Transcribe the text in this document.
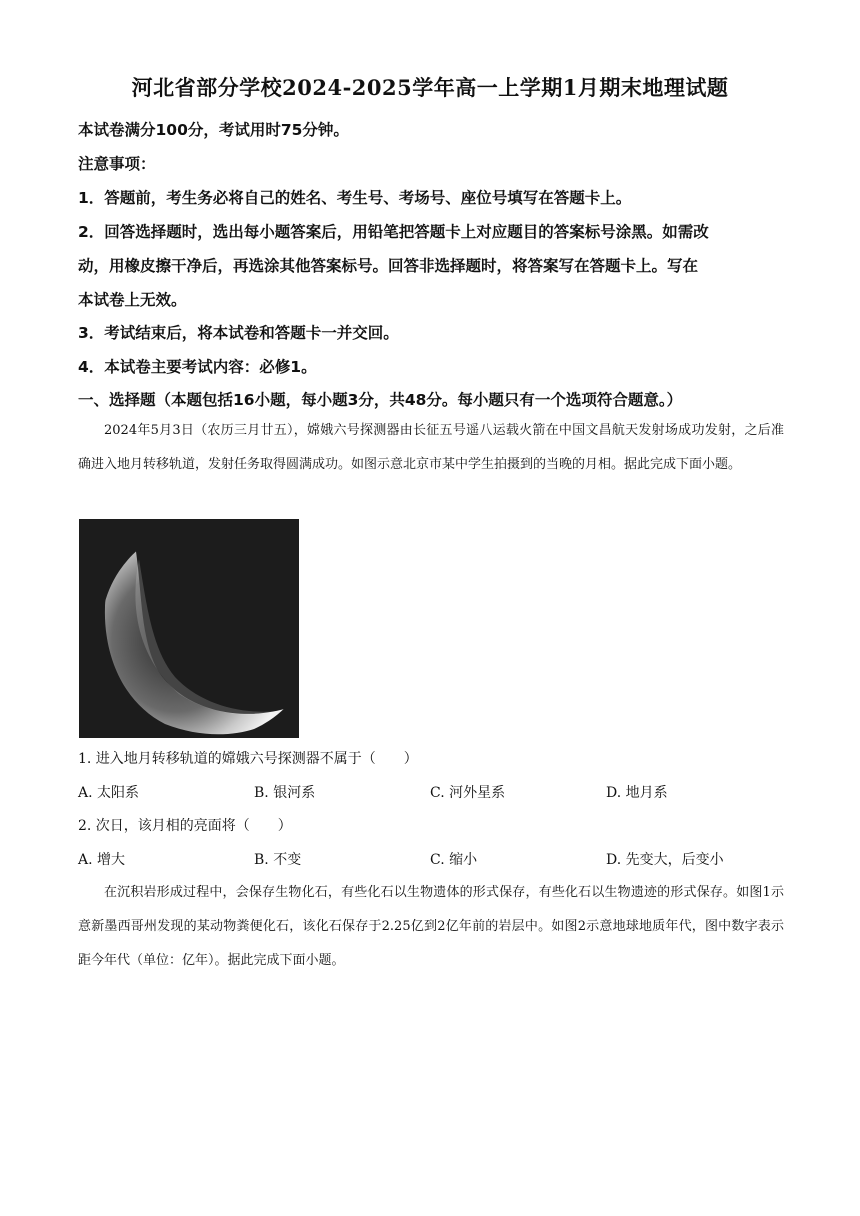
河北省部分学校2024-2025学年高一上学期1月期末地理试题
本试卷满分100分，考试用时75分钟。
注意事项：
1．答题前，考生务必将自己的姓名、考生号、考场号、座位号填写在答题卡上。
2．回答选择题时，选出每小题答案后，用铅笔把答题卡上对应题目的答案标号涂黑。如需改
动，用橡皮擦干净后，再选涂其他答案标号。回答非选择题时，将答案写在答题卡上。写在
本试卷上无效。
3．考试结束后，将本试卷和答题卡一并交回。
4．本试卷主要考试内容：必修1。
一、选择题（本题包括16小题，每小题3分，共48分。每小题只有一个选项符合题意。）
2024年5月3日（农历三月廿五），嫦娥六号探测器由长征五号遥八运载火箭在中国文昌航天发射场成功发射，之后准确进入地月转移轨道，发射任务取得圆满成功。如图示意北京市某中学生拍摄到的当晚的月相。据此完成下面小题。
1. 进入地月转移轨道的嫦娥六号探测器不属于（　　）
A. 太阳系	B. 银河系	C. 河外星系	D. 地月系
2. 次日，该月相的亮面将（　　）
A. 增大	B. 不变	C. 缩小	D. 先变大，后变小
在沉积岩形成过程中，会保存生物化石，有些化石以生物遗体的形式保存，有些化石以生物遗迹的形式保存。如图1示意新墨西哥州发现的某动物粪便化石，该化石保存于2.25亿到2亿年前的岩层中。如图2示意地球地质年代，图中数字表示距今年代（单位：亿年）。据此完成下面小题。
